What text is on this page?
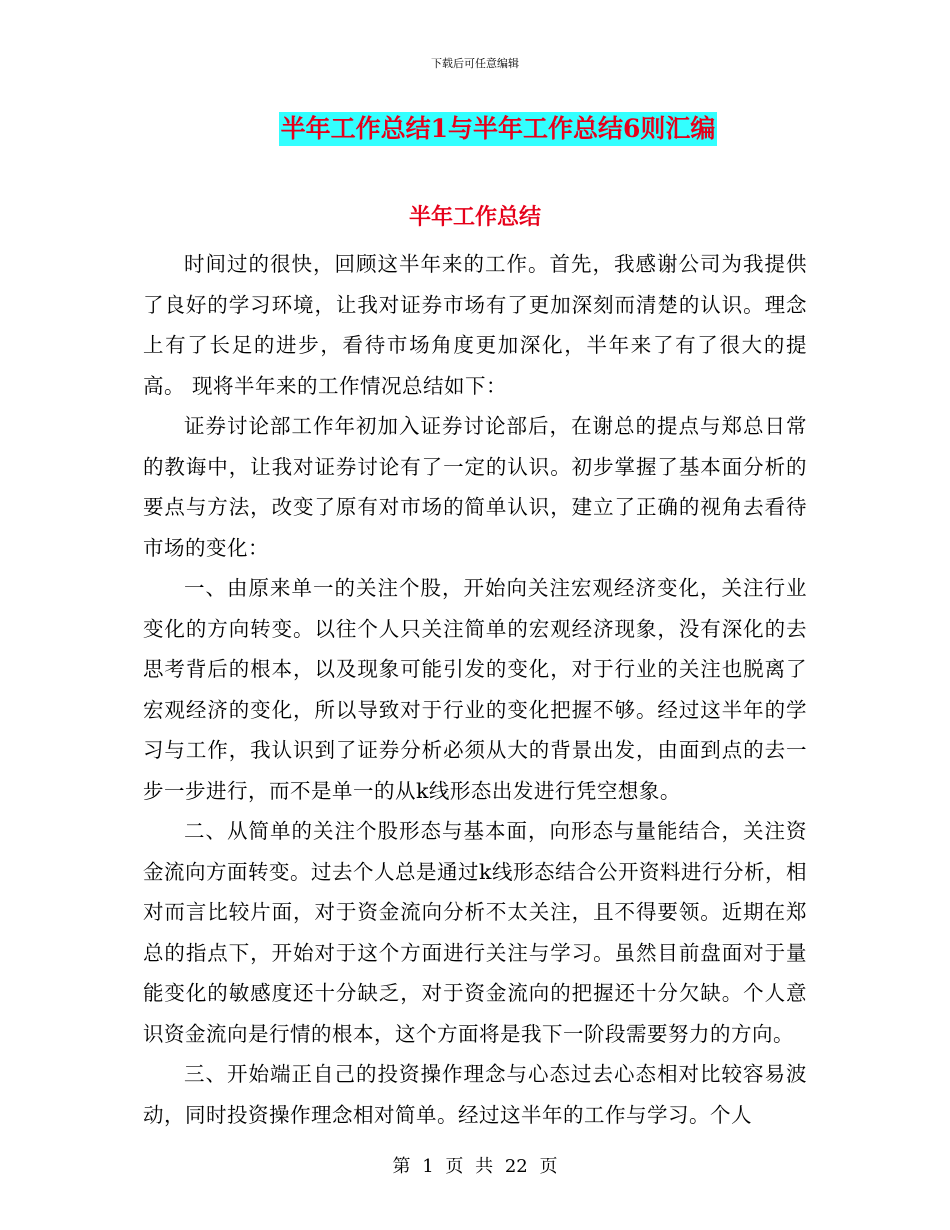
下载后可任意编辑
半年工作总结1与半年工作总结6则汇编
半年工作总结

时间过的很快，回顾这半年来的工作。首先，我感谢公司为我提供了良好的学习环境，让我对证券市场有了更加深刻而清楚的认识。理念上有了长足的进步，看待市场角度更加深化，半年来了有了很大的提高。 现将半年来的工作情况总结如下：

证券讨论部工作年初加入证券讨论部后，在谢总的提点与郑总日常的教诲中，让我对证券讨论有了一定的认识。初步掌握了基本面分析的要点与方法，改变了原有对市场的简单认识，建立了正确的视角去看待市场的变化：

一、由原来单一的关注个股，开始向关注宏观经济变化，关注行业变化的方向转变。以往个人只关注简单的宏观经济现象，没有深化的去思考背后的根本，以及现象可能引发的变化，对于行业的关注也脱离了宏观经济的变化，所以导致对于行业的变化把握不够。经过这半年的学习与工作，我认识到了证券分析必须从大的背景出发，由面到点的去一步一步进行，而不是单一的从k线形态出发进行凭空想象。

二、从简单的关注个股形态与基本面，向形态与量能结合，关注资金流向方面转变。过去个人总是通过k线形态结合公开资料进行分析，相对而言比较片面，对于资金流向分析不太关注，且不得要领。近期在郑总的指点下，开始对于这个方面进行关注与学习。虽然目前盘面对于量能变化的敏感度还十分缺乏，对于资金流向的把握还十分欠缺。个人意识资金流向是行情的根本，这个方面将是我下一阶段需要努力的方向。

三、开始端正自己的投资操作理念与心态过去心态相对比较容易波动，同时投资操作理念相对简单。经过这半年的工作与学习。个人

第 1 页 共 22 页
